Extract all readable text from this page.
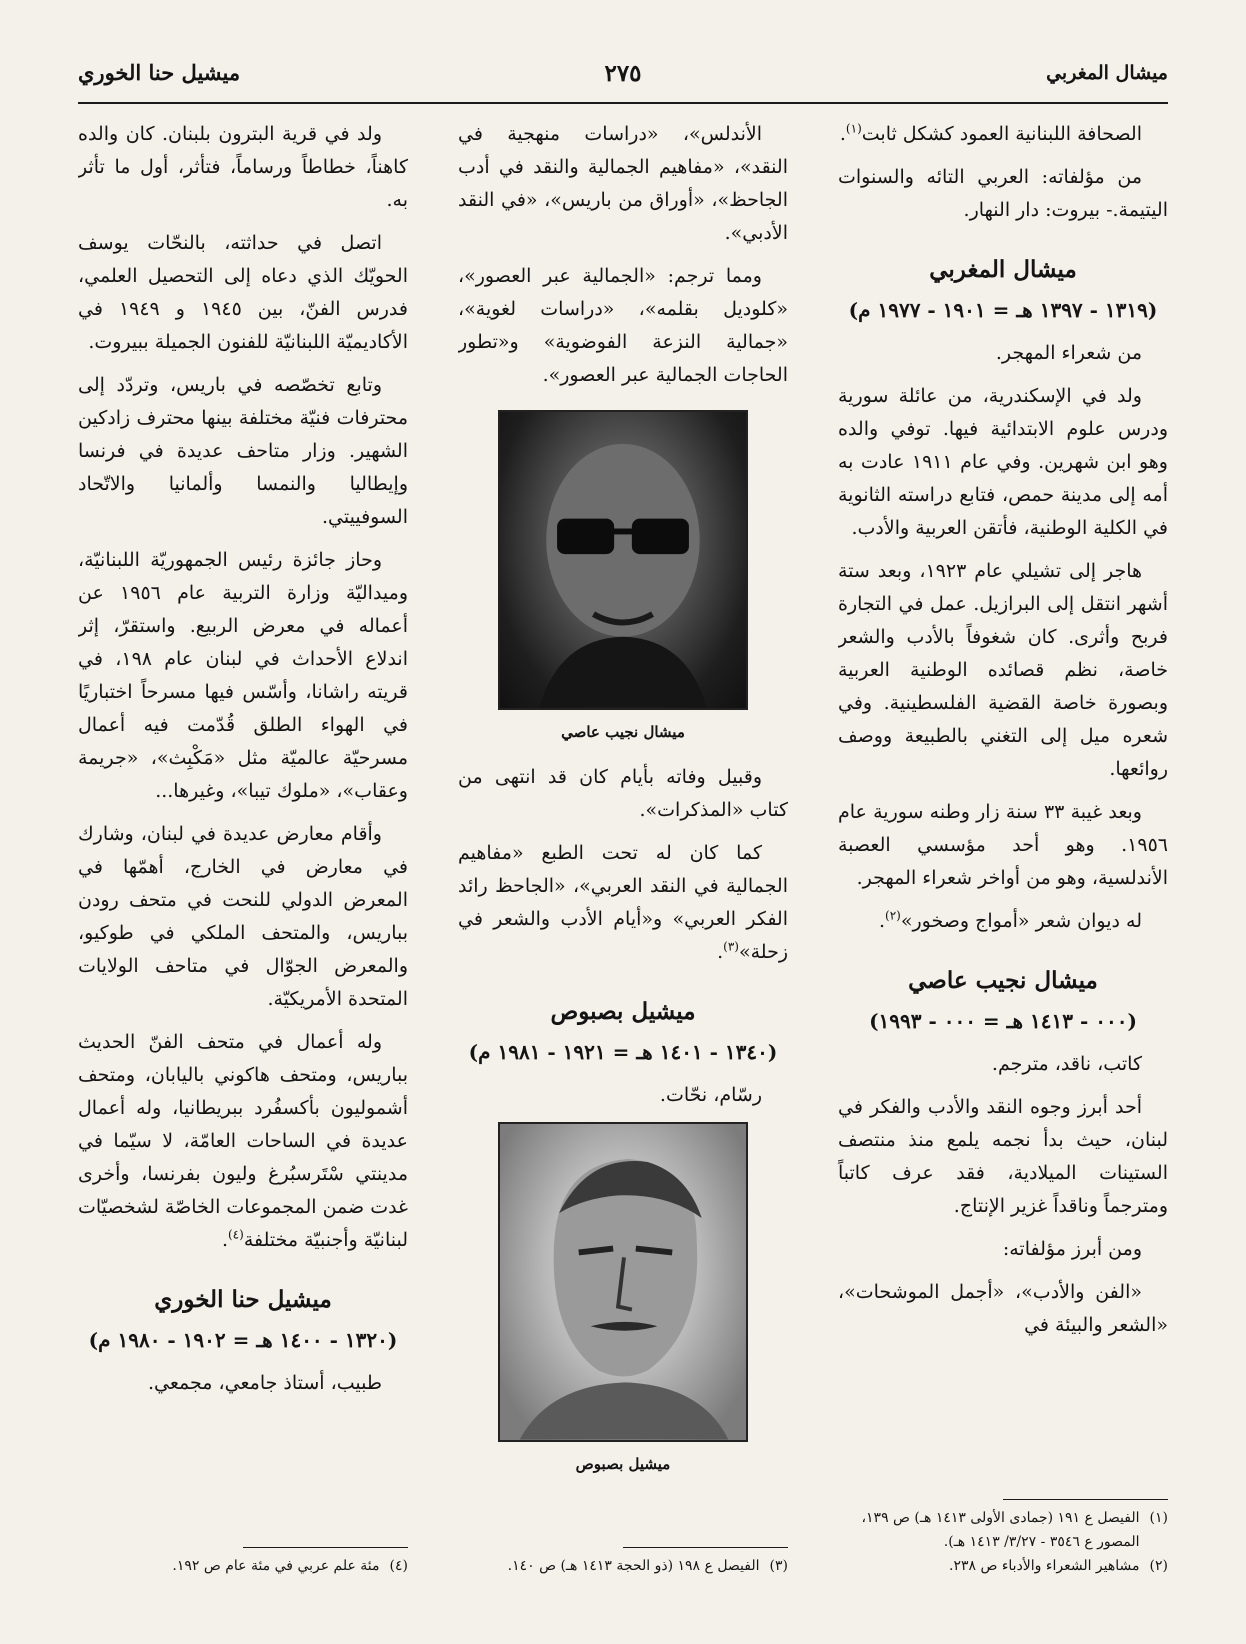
ميشال المغربي
٢٧٥
ميشيل حنا الخوري

الصحافة اللبنانية العمود كشكل ثابت$^{(١)}$.

من مؤلفاته: العربي التائه والسنوات اليتيمة.- بيروت: دار النهار.

ميشال المغربي
(١٣١٩ - ١٣٩٧ هـ = ١٩٠١ - ١٩٧٧ م)

من شعراء المهجر.

ولد في الإسكندرية، من عائلة سورية ودرس علوم الابتدائية فيها. توفي والده وهو ابن شهرين. وفي عام ١٩١١ عادت به أمه إلى مدينة حمص، فتابع دراسته الثانوية في الكلية الوطنية، فأتقن العربية والأدب.

هاجر إلى تشيلي عام ١٩٢٣، وبعد ستة أشهر انتقل إلى البرازيل. عمل في التجارة فربح وأثرى. كان شغوفاً بالأدب والشعر خاصة، نظم قصائده الوطنية العربية وبصورة خاصة القضية الفلسطينية. وفي شعره ميل إلى التغني بالطبيعة ووصف روائعها.

وبعد غيبة ٣٣ سنة زار وطنه سورية عام ١٩٥٦. وهو أحد مؤسسي العصبة الأندلسية، وهو من أواخر شعراء المهجر.

له ديوان شعر «أمواج وصخور»$^{(٢)}$.

ميشال نجيب عاصي
(٠٠٠ - ١٤١٣ هـ = ٠٠٠ - ١٩٩٣)

كاتب، ناقد، مترجم.

أحد أبرز وجوه النقد والأدب والفكر في لبنان، حيث بدأ نجمه يلمع منذ منتصف الستينات الميلادية، فقد عرف كاتباً ومترجماً وناقداً غزير الإنتاج.

ومن أبرز مؤلفاته:

«الفن والأدب»، «أجمل الموشحات»، «الشعر والبيئة في

الأندلس»، «دراسات منهجية في النقد»، «مفاهيم الجمالية والنقد في أدب الجاحظ»، «أوراق من باريس»، «في النقد الأدبي».

ومما ترجم: «الجمالية عبر العصور»، «كلوديل بقلمه»، «دراسات لغوية»، «جمالية النزعة الفوضوية» و«تطور الحاجات الجمالية عبر العصور».

ميشال نجيب عاصي

وقبيل وفاته بأيام كان قد انتهى من كتاب «المذكرات».

كما كان له تحت الطبع «مفاهيم الجمالية في النقد العربي»، «الجاحظ رائد الفكر العربي» و«أيام الأدب والشعر في زحلة»$^{(٣)}$.

ميشيل بصبوص
(١٣٤٠ - ١٤٠١ هـ = ١٩٢١ - ١٩٨١ م)

رسّام، نحّات.

ميشيل بصبوص

ولد في قرية البترون بلبنان. كان والده كاهناً، خطاطاً ورساماً، فتأثر، أول ما تأثر به.

اتصل في حداثته، بالنحّات يوسف الحويّك الذي دعاه إلى التحصيل العلمي، فدرس الفنّ، بين ١٩٤٥ و ١٩٤٩ في الأكاديميّة اللبنانيّة للفنون الجميلة ببيروت.

وتابع تخصّصه في باريس، وتردّد إلى محترفات فنيّة مختلفة بينها محترف زادكين الشهير. وزار متاحف عديدة في فرنسا وإيطاليا والنمسا وألمانيا والاتّحاد السوفييتي.

وحاز جائزة رئيس الجمهوريّة اللبنانيّة، وميداليّة وزارة التربية عام ١٩٥٦ عن أعماله في معرض الربيع. واستقرّ، إثر اندلاع الأحداث في لبنان عام ١٩٨، في قريته راشانا، وأسّس فيها مسرحاً اختباريًا في الهواء الطلق قُدّمت فيه أعمال مسرحيّة عالميّة مثل «مَكْبِث»، «جريمة وعقاب»، «ملوك تيبا»، وغيرها...

وأقام معارض عديدة في لبنان، وشارك في معارض في الخارج، أهمّها في المعرض الدولي للنحت في متحف رودن بباريس، والمتحف الملكي في طوكيو، والمعرض الجوّال في متاحف الولايات المتحدة الأمريكيّة.

وله أعمال في متحف الفنّ الحديث بباريس، ومتحف هاكوني باليابان، ومتحف أشموليون بأكسفُرد ببريطانيا، وله أعمال عديدة في الساحات العامّة، لا سيّما في مدينتي سْتَرسبُرغ وليون بفرنسا، وأخرى غدت ضمن المجموعات الخاصّة لشخصيّات لبنانيّة وأجنبيّة مختلفة$^{(٤)}$.

ميشيل حنا الخوري
(١٣٢٠ - ١٤٠٠ هـ = ١٩٠٢ - ١٩٨٠ م)

طبيب، أستاذ جامعي، مجمعي.

(١)
الفيصل ع ١٩١ (جمادى الأولى ١٤١٣ هـ) ص ١٣٩، المصور ع ٣٥٤٦ - ٣/٢٧/ ١٤١٣ هـ).
(٢)
مشاهير الشعراء والأدباء ص ٢٣٨.
(٣)
الفيصل ع ١٩٨ (ذو الحجة ١٤١٣ هـ) ص ١٤٠.
(٤)
مئة علم عربي في مئة عام ص ١٩٢.
